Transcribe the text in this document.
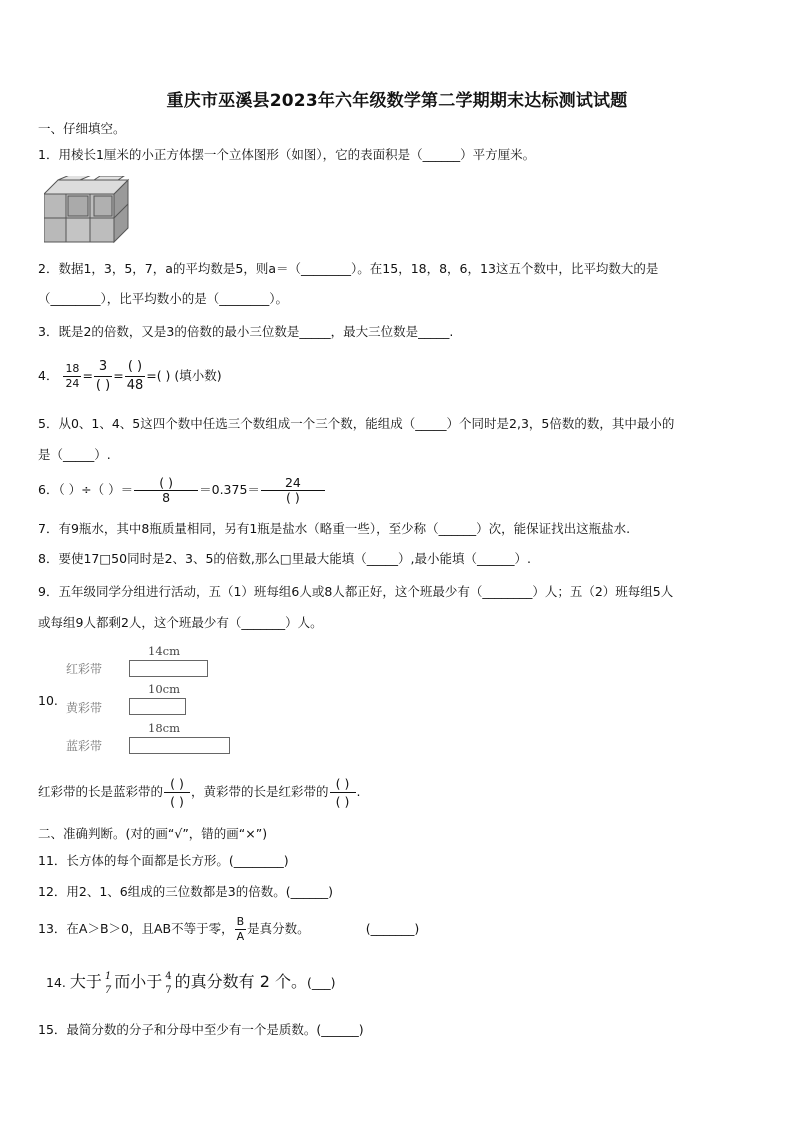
重庆市巫溪县2023年六年级数学第二学期期末达标测试试题
一、仔细填空。
1．用棱长1厘米的小正方体摆一个立体图形（如图），它的表面积是（______）平方厘米。
2．数据1，3，5，7，a的平均数是5，则a＝（________）。在15，18，8，6，13这五个数中，比平均数大的是
（________），比平均数小的是（________）。
3．既是2的倍数，又是3的倍数的最小三位数是_____，最大三位数是_____.
4． $\frac{18}{24} = \frac{3}{( )} = \frac{( )}{48}$ =( ) (填小数)
5．从0、1、4、5这四个数中任选三个数组成一个三个数，能组成（_____）个同时是2,3，5倍数的数，其中最小的
是（_____）.
6．（ ）÷（ ）＝ $\frac{( )}{8} =0.375= \frac{24}{( )}$
7．有9瓶水，其中8瓶质量相同，另有1瓶是盐水（略重一些），至少称（______）次，能保证找出这瓶盐水.
8．要使17□50同时是2、3、5的倍数,那么□里最大能填（_____）,最小能填（______）.
9．五年级同学分组进行活动，五（1）班每组6人或8人都正好，这个班最少有（________）人；五（2）班每组5人
或每组9人都剩2人，这个班最少有（_______）人。
10.
14cm
红彩带
10cm
黄彩带
18cm
蓝彩带
红彩带的长是蓝彩带的 $\frac{( )}{( )}$ ，黄彩带的长是红彩带的 $\frac{( )}{( )}$ .
二、准确判断。(对的画“√”，错的画“×”)
11．长方体的每个面都是长方形。(________)
12．用2、1、6组成的三位数都是3的倍数。(______)
13．在A＞B＞0，且AB不等于零， $\frac{B}{A}$ 是真分数。	(_______)
14. 大于 1
7 而小于 4
7 的真分数有 2 个。(___)
15．最简分数的分子和分母中至少有一个是质数。(______)
